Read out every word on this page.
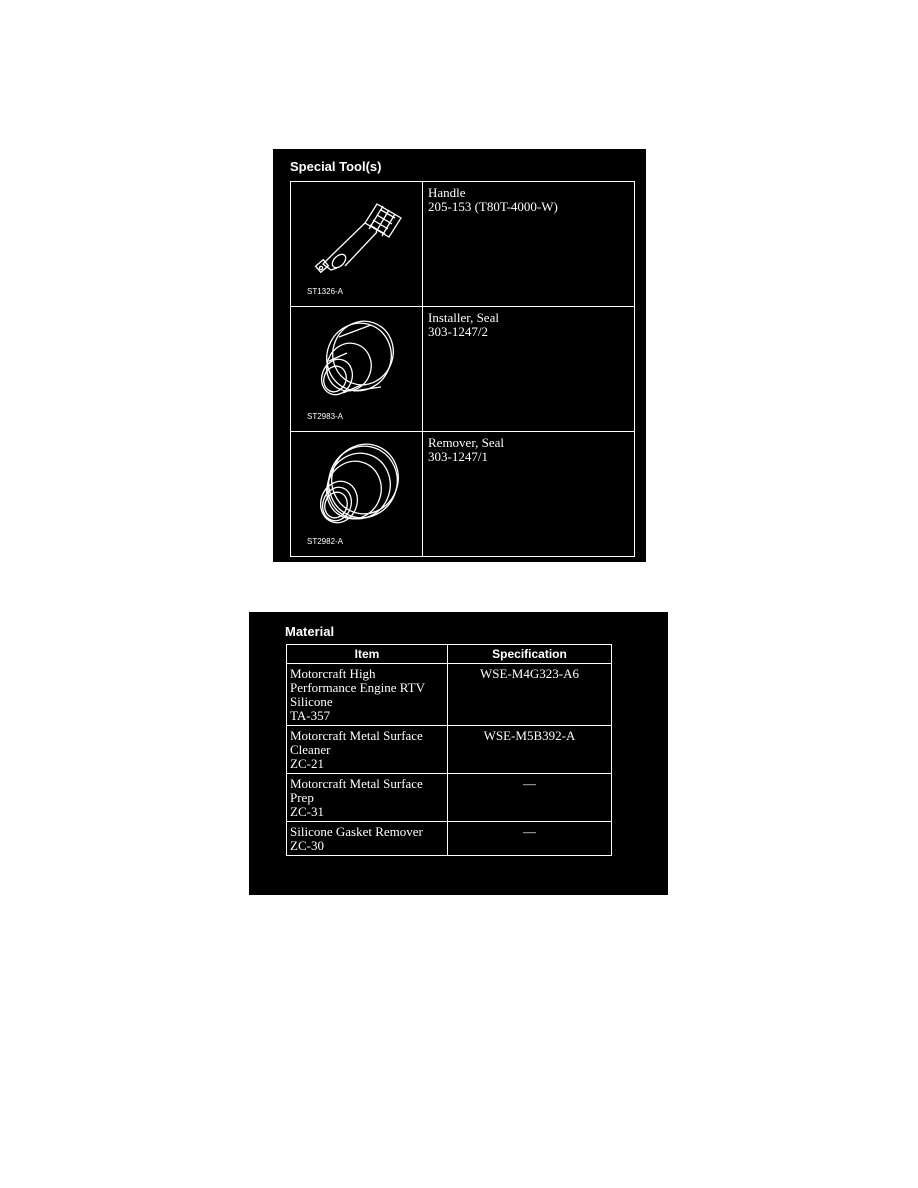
Special Tool(s)
ST1326-A
Handle
205-153 (T80T-4000-W)
ST2983-A
Installer, Seal
303-1247/2
ST2982-A
Remover, Seal
303-1247/1
Material
Item	Specification

Motorcraft High
Performance Engine RTV
Silicone
TA-357	WSE-M4G323-A6

Motorcraft Metal Surface
Cleaner
ZC-21	WSE-M5B392-A

Motorcraft Metal Surface
Prep
ZC-31	—

Silicone Gasket Remover
ZC-30	—
